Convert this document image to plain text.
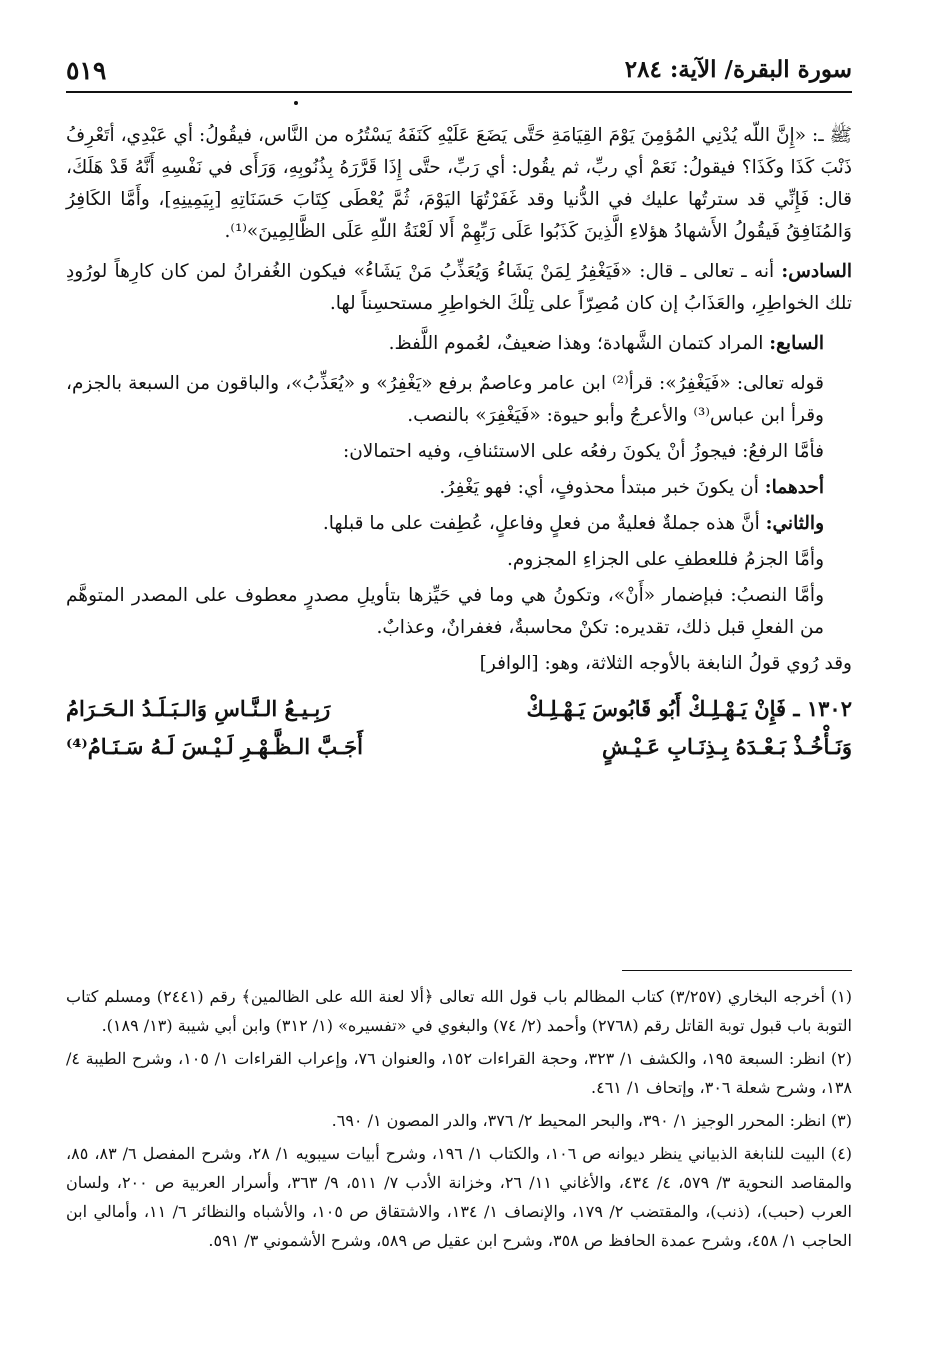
سورة البقرة/ الآية: ٢٨٤
٥١٩

ﷺ ـ: «إِنَّ اللّه يُدْنِي المُؤمِنَ يَوْمَ القِيَامَةِ حَتَّى يَضَعَ عَلَيْهِ كَنَفَهُ يَسْتُرُه من النَّاس، فيقُولُ: أي عَبْدِي، أتَعْرِفُ ذَنْبَ كَذَا وكَذَا؟ فيقولُ: نَعَمْ أي ربِّ، ثم يقُول: أي رَبِّ، حتَّى إِذَا قَرَّرَهُ بِذُنُوبِهِ، وَرَأَى في نَفْسِهِ أَنَّهُ قَدْ هَلَكَ، قال: فَإِنِّي قد سترتُها عليك في الدُّنيا وقد غَفَرْتُهَا اليَوْمَ، ثُمَّ يُعْطَى كِتَابَ حَسَنَاتِهِ [بِيَمِينِهِ]، وأَمَّا الكَافِرُ وَالمُنَافِقُ فَيقُولُ الأَشهادُ هؤلاءِ الَّذِينَ كَذَبُوا عَلَى رَبِّهِمْ أَلا لَعْنَةُ اللّهِ عَلَى الظَّالِمِينَ»⁽¹⁾.

السادس: أنه ـ تعالى ـ قال: «فَيَغْفِرُ لِمَنْ يَشَاءُ وَيُعَذِّبُ مَنْ يَشَاءُ» فيكون الغُفرانُ لمن كان كارِهاً لورُودِ تلك الخواطِرِ، والعَذَابُ إن كان مُصِرّاً على تِلْكَ الخواطِرِ مستحسِناً لها.

السابع: المراد كتمان الشَّهادة؛ وهذا ضعيفٌ، لعُموم اللَّفظ.

قوله تعالى: «فَيَغْفِرُ»: قرأ⁽²⁾ ابن عامر وعاصمٌ برفع «يَغْفِرُ» و «يُعَذِّبُ»، والباقون من السبعة بالجزم، وقرأ ابن عباس⁽³⁾ والأعرجُ وأبو حيوة: «فَيَغْفِرَ» بالنصب.

فأمَّا الرفعُ: فيجوزُ أنْ يكونَ رفعُه على الاستئنافِ، وفيه احتمالان:

أحدهما: أن يكونَ خبر مبتدأ محذوفٍ، أي: فهو يَغْفِرُ.

والثاني: أنَّ هذه جملةٌ فعليةٌ من فعلٍ وفاعلٍ، عُطِفت على ما قبلها.

وأمَّا الجزمُ فللعطفِ على الجزاءِ المجزوم.

وأمَّا النصبُ: فبإضمار «أَنْ»، وتكونُ هي وما في حَيِّزها بتأويلِ مصدرٍ معطوف على المصدر المتوهَّم من الفعلِ قبل ذلك، تقديره: تكنْ محاسبةٌ، فغفرانٌ، وعذابٌ.

وقد رُوي قولُ النابغة بالأوجه الثلاثة، وهو: [الوافر]

١٣٠٢ ـ فَإِنْ يَـهْـلِـكْ أَبُو قَابُوسَ يَـهْـلِـكْ
رَبِـيـعُ الـنَّـاسِ وَالـبَـلَـدُ الـحَـرَامُ
وَنَـأْخُـذْ بَـعْـدَهُ بِـذِنَـابِ عَـيْـشٍ
أَجَـبَّ الـظَّـهْـرِ لَـيْـسَ لَـهُ سَـنَـامُ⁽⁴⁾

(١) أخرجه البخاري (٣/٢٥٧) كتاب المظالم باب قول الله تعالى ﴿ألا لعنة الله على الظالمين﴾ رقم (٢٤٤١) ومسلم كتاب التوبة باب قبول توبة القاتل رقم (٢٧٦٨) وأحمد (٢/ ٧٤) والبغوي في «تفسيره» (١/ ٣١٢) وابن أبي شيبة (١٣/ ١٨٩).

(٢) انظر: السبعة ١٩٥، والكشف ١/ ٣٢٣، وحجة القراءات ١٥٢، والعنوان ٧٦، وإعراب القراءات ١/ ١٠٥، وشرح الطيبة ٤/ ١٣٨، وشرح شعلة ٣٠٦، وإتحاف ١/ ٤٦١.

(٣) انظر: المحرر الوجيز ١/ ٣٩٠، والبحر المحيط ٢/ ٣٧٦، والدر المصون ١/ ٦٩٠.

(٤) البيت للنابغة الذبياني ينظر ديوانه ص ١٠٦، والكتاب ١/ ١٩٦، وشرح أبيات سيبويه ١/ ٢٨، وشرح المفصل ٦/ ٨٣، ٨٥، والمقاصد النحوية ٣/ ٥٧٩، ٤/ ٤٣٤، والأغاني ١١/ ٢٦، وخزانة الأدب ٧/ ٥١١، ٩/ ٣٦٣، وأسرار العربية ص ٢٠٠، ولسان العرب (حبب)، (ذنب)، والمقتضب ٢/ ١٧٩، والإنصاف ١/ ١٣٤، والاشتقاق ص ١٠٥، والأشباه والنظائر ٦/ ١١، وأمالي ابن الحاجب ١/ ٤٥٨، وشرح عمدة الحافظ ص ٣٥٨، وشرح ابن عقيل ص ٥٨٩، وشرح الأشموني ٣/ ٥٩١.
